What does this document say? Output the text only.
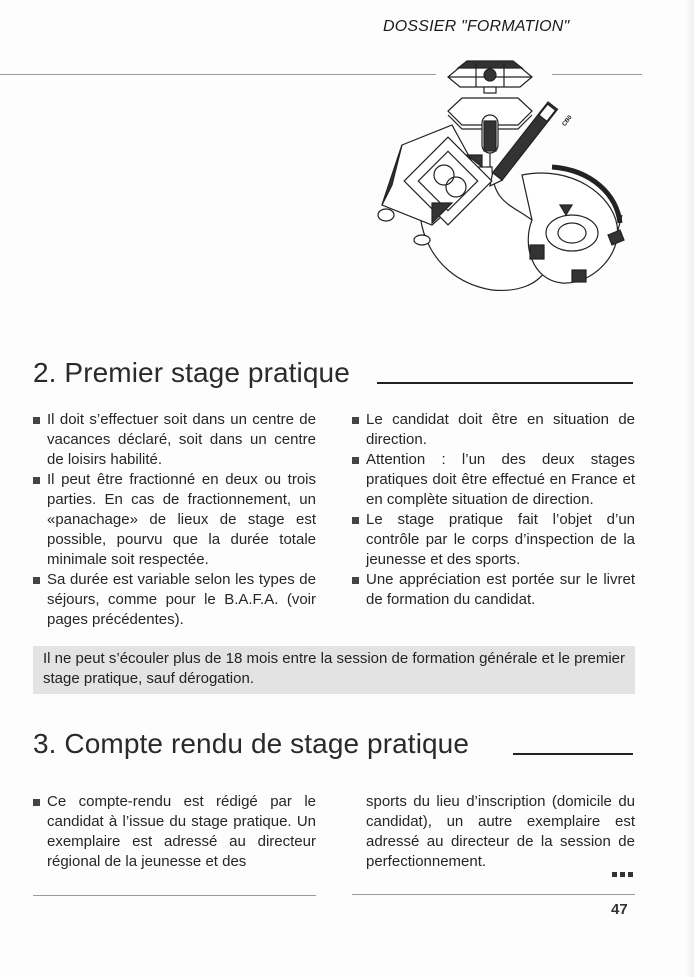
DOSSIER "FORMATION"
CB0
2. Premier stage pratique
Il doit s’effectuer soit dans un centre de vacances déclaré, soit dans un centre de loisirs habilité.
Il peut être fractionné en deux ou trois parties. En cas de fractionnement, un «panachage» de lieux de stage est possible, pourvu que la durée totale minimale soit respectée.
Sa durée est variable selon les types de séjours, comme pour le B.A.F.A. (voir pages précédentes).
Le candidat doit être en situation de direction.
Attention : l’un des deux stages pratiques doit être effectué en France et en complète situation de direction.
Le stage pratique fait l’objet d’un contrôle par le corps d’inspection de la jeunesse et des sports.
Une appréciation est portée sur le livret de formation du candidat.
Il ne peut s’écouler plus de 18 mois entre la session de formation générale et le premier stage pratique, sauf dérogation.
3. Compte rendu de stage pratique
Ce compte-rendu est rédigé par le candidat à l’issue du stage pratique. Un exemplaire est adressé au directeur régional de la jeunesse et des
sports du lieu d’inscription (domicile du candidat), un autre exemplaire est adressé au directeur de la session de perfectionnement.
47
